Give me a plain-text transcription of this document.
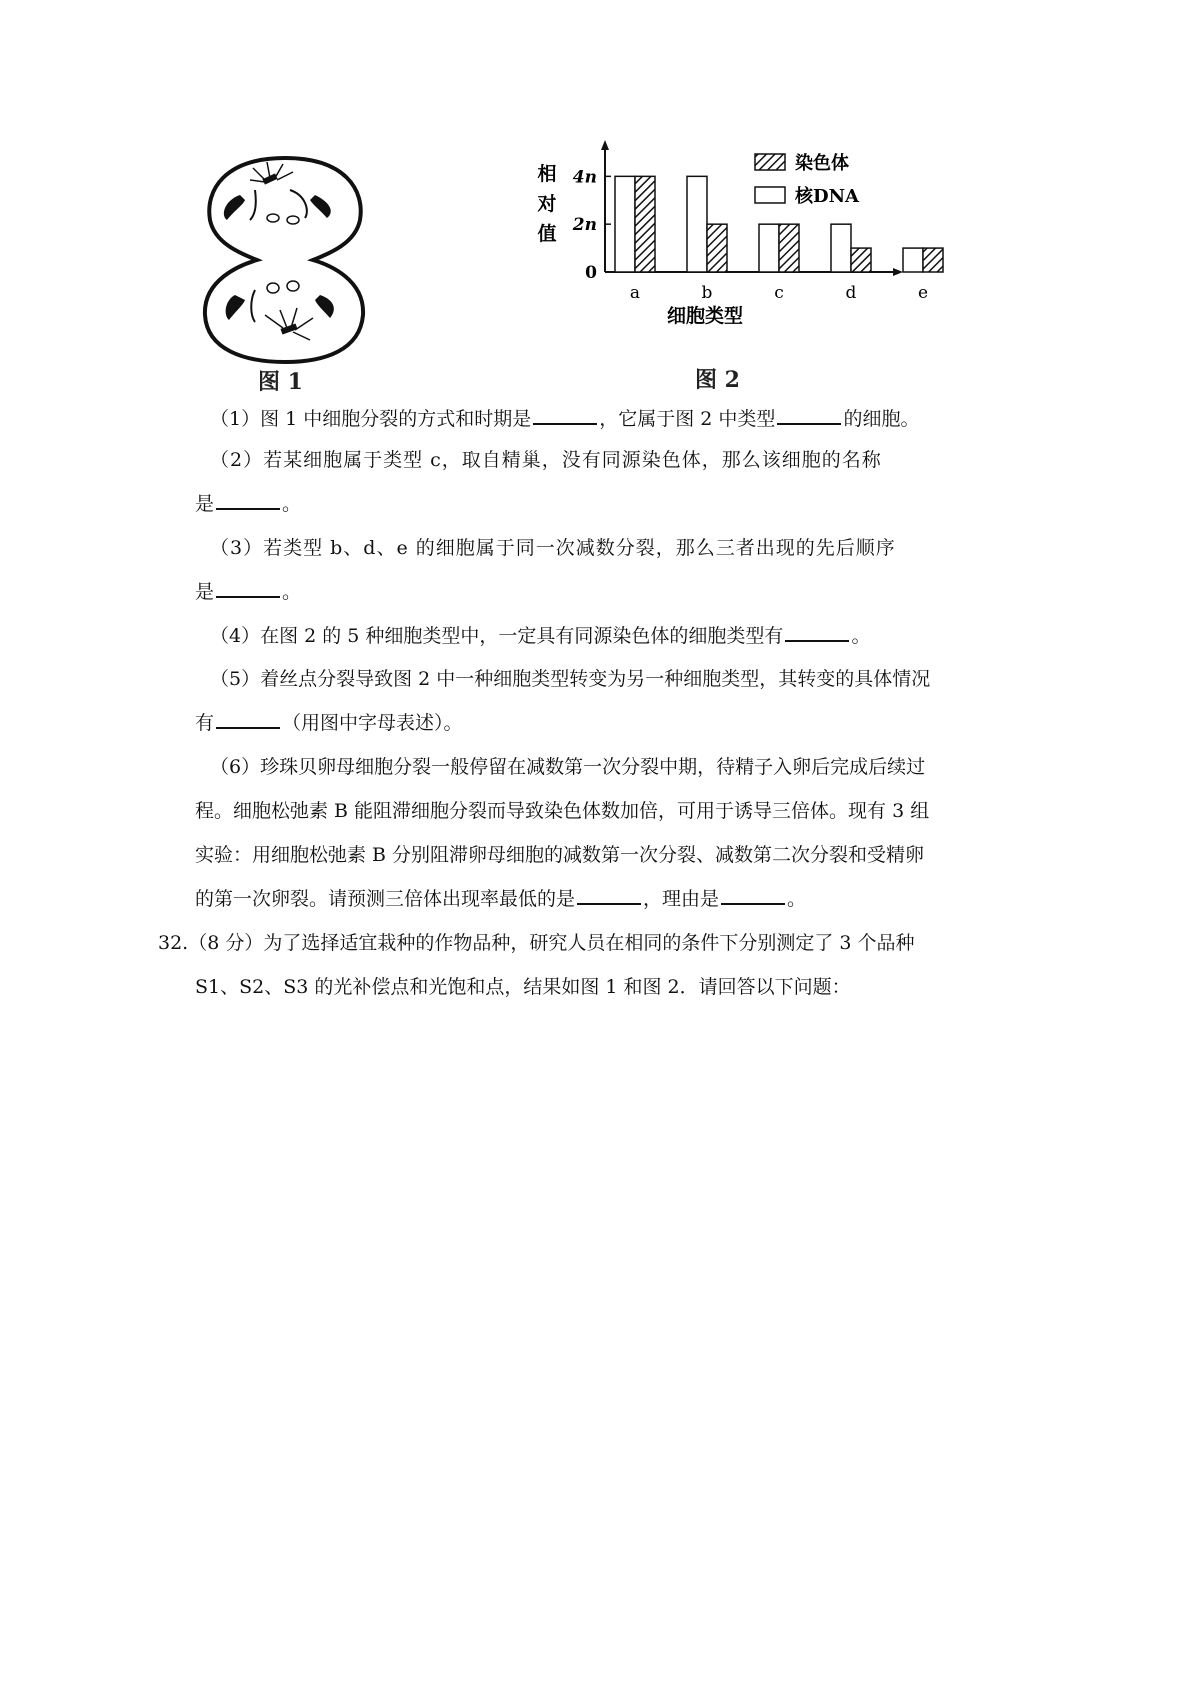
图 1
相
对
值
0
2n
4n
a	b	c	d	e
细胞类型
染色体
核DNA
图 2
（1）图 1 中细胞分裂的方式和时期是	，它属于图 2 中类型	的细胞。
（2）若某细胞属于类型 c，取自精巢，没有同源染色体，那么该细胞的名称
是	。
（3）若类型 b、d、e 的细胞属于同一次减数分裂，那么三者出现的先后顺序
是	。
（4）在图 2 的 5 种细胞类型中，一定具有同源染色体的细胞类型有	。
（5）着丝点分裂导致图 2 中一种细胞类型转变为另一种细胞类型，其转变的具体情况
有	（用图中字母表述）。
（6）珍珠贝卵母细胞分裂一般停留在减数第一次分裂中期，待精子入卵后完成后续过
程。细胞松弛素 B 能阻滞细胞分裂而导致染色体数加倍，可用于诱导三倍体。现有 3 组
实验：用细胞松弛素 B 分别阻滞卵母细胞的减数第一次分裂、减数第二次分裂和受精卵
的第一次卵裂。请预测三倍体出现率最低的是	，理由是	。
32.（8 分）为了选择适宜栽种的作物品种，研究人员在相同的条件下分别测定了 3 个品种
S1、S2、S3 的光补偿点和光饱和点，结果如图 1 和图 2．请回答以下问题：
